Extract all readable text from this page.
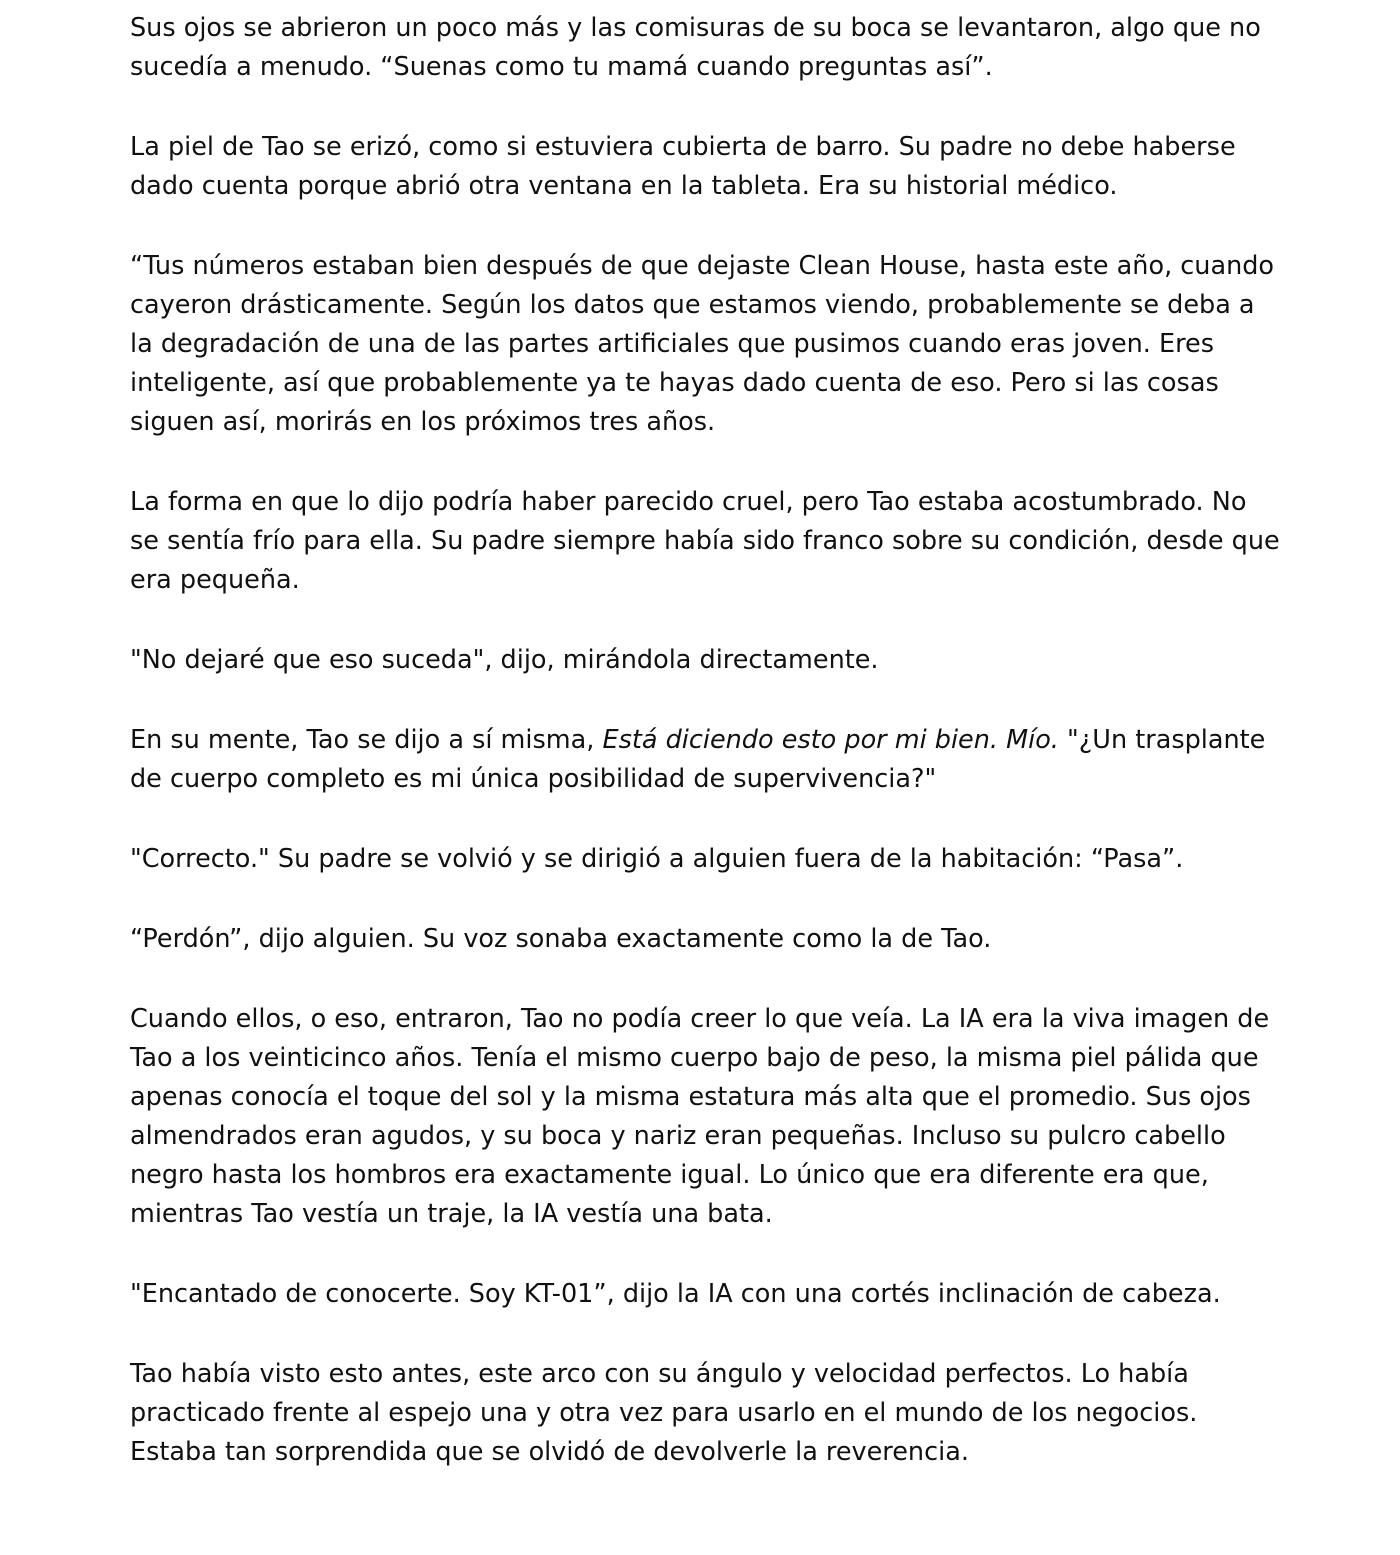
Sus ojos se abrieron un poco más y las comisuras de su boca se levantaron, algo que no sucedía a menudo. “Suenas como tu mamá cuando preguntas así”.

La piel de Tao se erizó, como si estuviera cubierta de barro. Su padre no debe haberse dado cuenta porque abrió otra ventana en la tableta. Era su historial médico.

“Tus números estaban bien después de que dejaste Clean House, hasta este año, cuando cayeron drásticamente. Según los datos que estamos viendo, probablemente se deba a la degradación de una de las partes artificiales que pusimos cuando eras joven. Eres inteligente, así que probablemente ya te hayas dado cuenta de eso. Pero si las cosas siguen así, morirás en los próximos tres años.

La forma en que lo dijo podría haber parecido cruel, pero Tao estaba acostumbrado. No se sentía frío para ella. Su padre siempre había sido franco sobre su condición, desde que era pequeña.

"No dejaré que eso suceda", dijo, mirándola directamente.

En su mente, Tao se dijo a sí misma, Está diciendo esto por mi bien. Mío. "¿Un trasplante de cuerpo completo es mi única posibilidad de supervivencia?"

"Correcto." Su padre se volvió y se dirigió a alguien fuera de la habitación: “Pasa”.

“Perdón”, dijo alguien. Su voz sonaba exactamente como la de Tao.

Cuando ellos, o eso, entraron, Tao no podía creer lo que veía. La IA era la viva imagen de Tao a los veinticinco años. Tenía el mismo cuerpo bajo de peso, la misma piel pálida que apenas conocía el toque del sol y la misma estatura más alta que el promedio. Sus ojos almendrados eran agudos, y su boca y nariz eran pequeñas. Incluso su pulcro cabello negro hasta los hombros era exactamente igual. Lo único que era diferente era que, mientras Tao vestía un traje, la IA vestía una bata.

"Encantado de conocerte. Soy KT-01”, dijo la IA con una cortés inclinación de cabeza.

Tao había visto esto antes, este arco con su ángulo y velocidad perfectos. Lo había practicado frente al espejo una y otra vez para usarlo en el mundo de los negocios. Estaba tan sorprendida que se olvidó de devolverle la reverencia.
